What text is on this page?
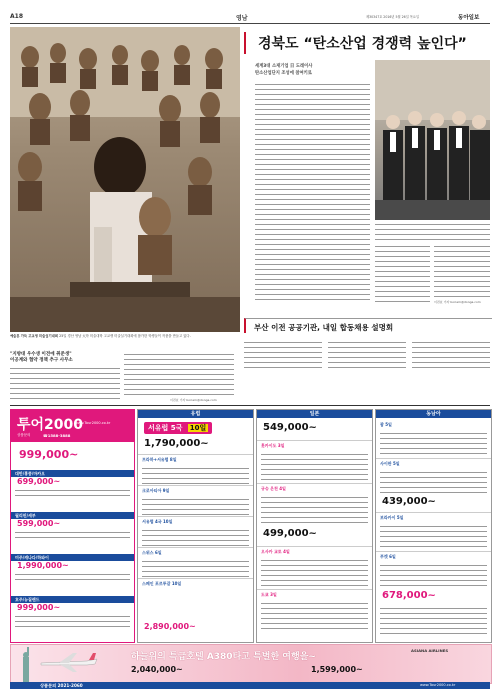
A18	영남	제30347호 2016년 5월 26일 목요일	동아일보
예술혼 가득 고교생 미술실기대회 25일 경산 영남 大학 미술대학 고교생 미술실기대회에 참가한 학생들이 작품을 만들고 있다.
경북도 “탄소산업 경쟁력 높인다”
세계3대 소재기업 日 도레이사
탄소산업단지 조성에 참여키로
이권효 기자 boriam@donga.com
부산 이전 공공기관, 내일 합동채용 설명회
"지방대 우수생 이전에 취준생"
이공계와 협약 정책 추구 사무소
이권효 기자 boriam@donga.com
투어2000
www.Tour2000.co.kr
상품문의	☎1588-3888
999,000~
대만/홍콩/마카오
699,000~
필리핀/세부
599,000~
미주/캐나다/하와이
1,990,000~
호주/뉴질랜드
999,000~
유럽
서유럽 5국 10일
1,790,000~
프라하+서유럽 8일
크로아티아 9일
서유럽 4국 10일
스위스 6일
스페인 포르투갈 10일
2,890,000~
일본
549,000~
홋카이도 3일
규슈 온천 4일
499,000~
오사카 교토 4일
도쿄 3일
동남아
괌 5일
사이판 5일
439,000~
보라카이 5일
푸켓 6일
678,000~
하늘위의 특급호텔 A380타고 특별한 여행을~
ASIANA AIRLINES
2,040,000~	1,599,000~
상품문의 2021-2060	www.Tour2000.co.kr
